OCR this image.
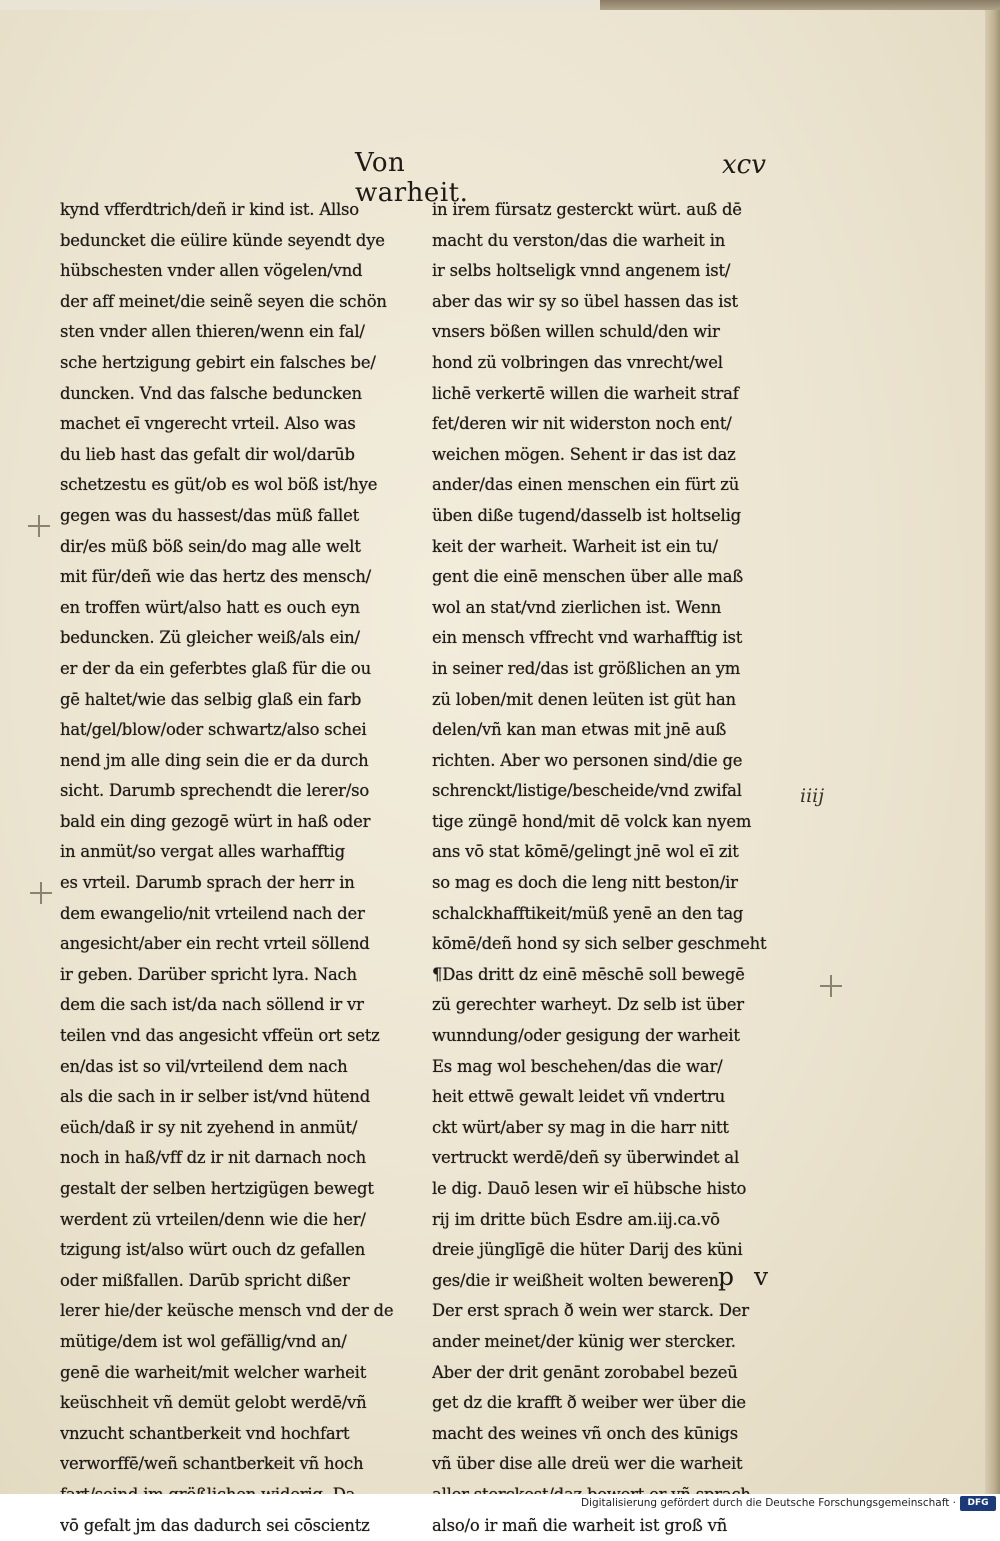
Von warheit.
xcv
kynd vfferdtrich/deñ ir kind ist. Allso
beduncket die eülire künde seyendt dye
hübschesten vnder allen vögelen/vnd
der aff meinet/die seinẽ seyen die schön
sten vnder allen thieren/wenn ein fal/
sche hertzigung gebirt ein falsches be/
duncken. Vnd das falsche beduncken
machet eī vngerecht vrteil. Also was
du lieb hast das gefalt dir wol/darūb
schetzestu es güt/ob es wol böß ist/hye
gegen was du hassest/das müß fallet
dir/es müß böß sein/do mag alle welt
mit für/deñ wie das hertz des mensch/
en troffen würt/also hatt es ouch eyn
beduncken. Zü gleicher weiß/als ein/
er der da ein geferbtes glaß für die ou
gē haltet/wie das selbig glaß ein farb
hat/gel/blow/oder schwartz/also schei
nend jm alle ding sein die er da durch
sicht. Darumb sprechendt die lerer/so
bald ein ding gezogē würt in haß oder
in anmüt/so vergat alles warhafftig
es vrteil. Darumb sprach der herr in
dem ewangelio/nit vrteilend nach der
angesicht/aber ein recht vrteil söllend
ir geben. Darüber spricht lyra. Nach
dem die sach ist/da nach söllend ir vr
teilen vnd das angesicht vffeün ort setz
en/das ist so vil/vrteilend dem nach
als die sach in ir selber ist/vnd hütend
eüch/daß ir sy nit zyehend in anmüt/
noch in haß/vff dz ir nit darnach noch
gestalt der selben hertzigügen bewegt
werdent zü vrteilen/denn wie die her/
tzigung ist/also würt ouch dz gefallen
oder mißfallen. Darūb spricht dißer
lerer hie/der keüsche mensch vnd der de
mütige/dem ist wol gefällig/vnd an/
genē die warheit/mit welcher warheit
keüschheit vñ demüt gelobt werdē/vñ
vnzucht schantberkeit vnd hochfart
verworffē/weñ schantberkeit vñ hoch
vō gefalt jm das dadurch sei cōscientz
in irem fürsatz gesterckt würt. auß dē
macht du verston/das die warheit in
ir selbs holtseligk vnnd angenem ist/
aber das wir sy so übel hassen das ist
vnsers bößen willen schuld/den wir
hond zü volbringen das vnrecht/wel
lichē verkertē willen die warheit straf
fet/deren wir nit widerston noch ent/
weichen mögen. Sehent ir das ist daz
ander/das einen menschen ein fürt zü
üben diße tugend/dasselb ist holtselig
keit der warheit. Warheit ist ein tu/
gent die einē menschen über alle maß
wol an stat/vnd zierlichen ist. Wenn
ein mensch vffrecht vnd warhafftig ist
in seiner red/das ist größlichen an ym
zü loben/mit denen leüten ist güt han
delen/vñ kan man etwas mit jnē auß
richten. Aber wo personen sind/die ge
schrenckt/listige/bescheide/vnd zwifal
tige züngē hond/mit dē volck kan nyem
ans vō stat kōmē/gelingt jnē wol eī zit
so mag es doch die leng nitt beston/ir
schalckhafftikeit/müß yenē an den tag
kōmē/deñ hond sy sich selber geschmeht
¶Das dritt dz einē mēschē soll bewegē
zü gerechter warheyt. Dz selb ist über
wunndung/oder gesigung der warheit
Es mag wol beschehen/das die war/
heit ettwē gewalt leidet vñ vndertru
ckt würt/aber sy mag in die harr nitt
vertruckt werdē/deñ sy überwindet al
le dig. Dauō lesen wir eī hübsche histo
rij im dritte büch Esdre am.iij.ca.vō
dreie jünglīgē die hüter Darij des küni
ges/die ir weißheit wolten beweren.
Der erst sprach ð wein wer starck. Der
ander meinet/der künig wer stercker.
Aber der drit genānt zorobabel bezeū
get dz die krafft ð weiber wer über die
macht des weines vñ onch des kūnigs
vñ über dise alle dreü wer die warheit
also/o ir mañ die warheit ist groß vñ
iiij
p v
Digitalisierung gefördert durch die Deutsche Forschungsgemeinschaft ·	DFG
